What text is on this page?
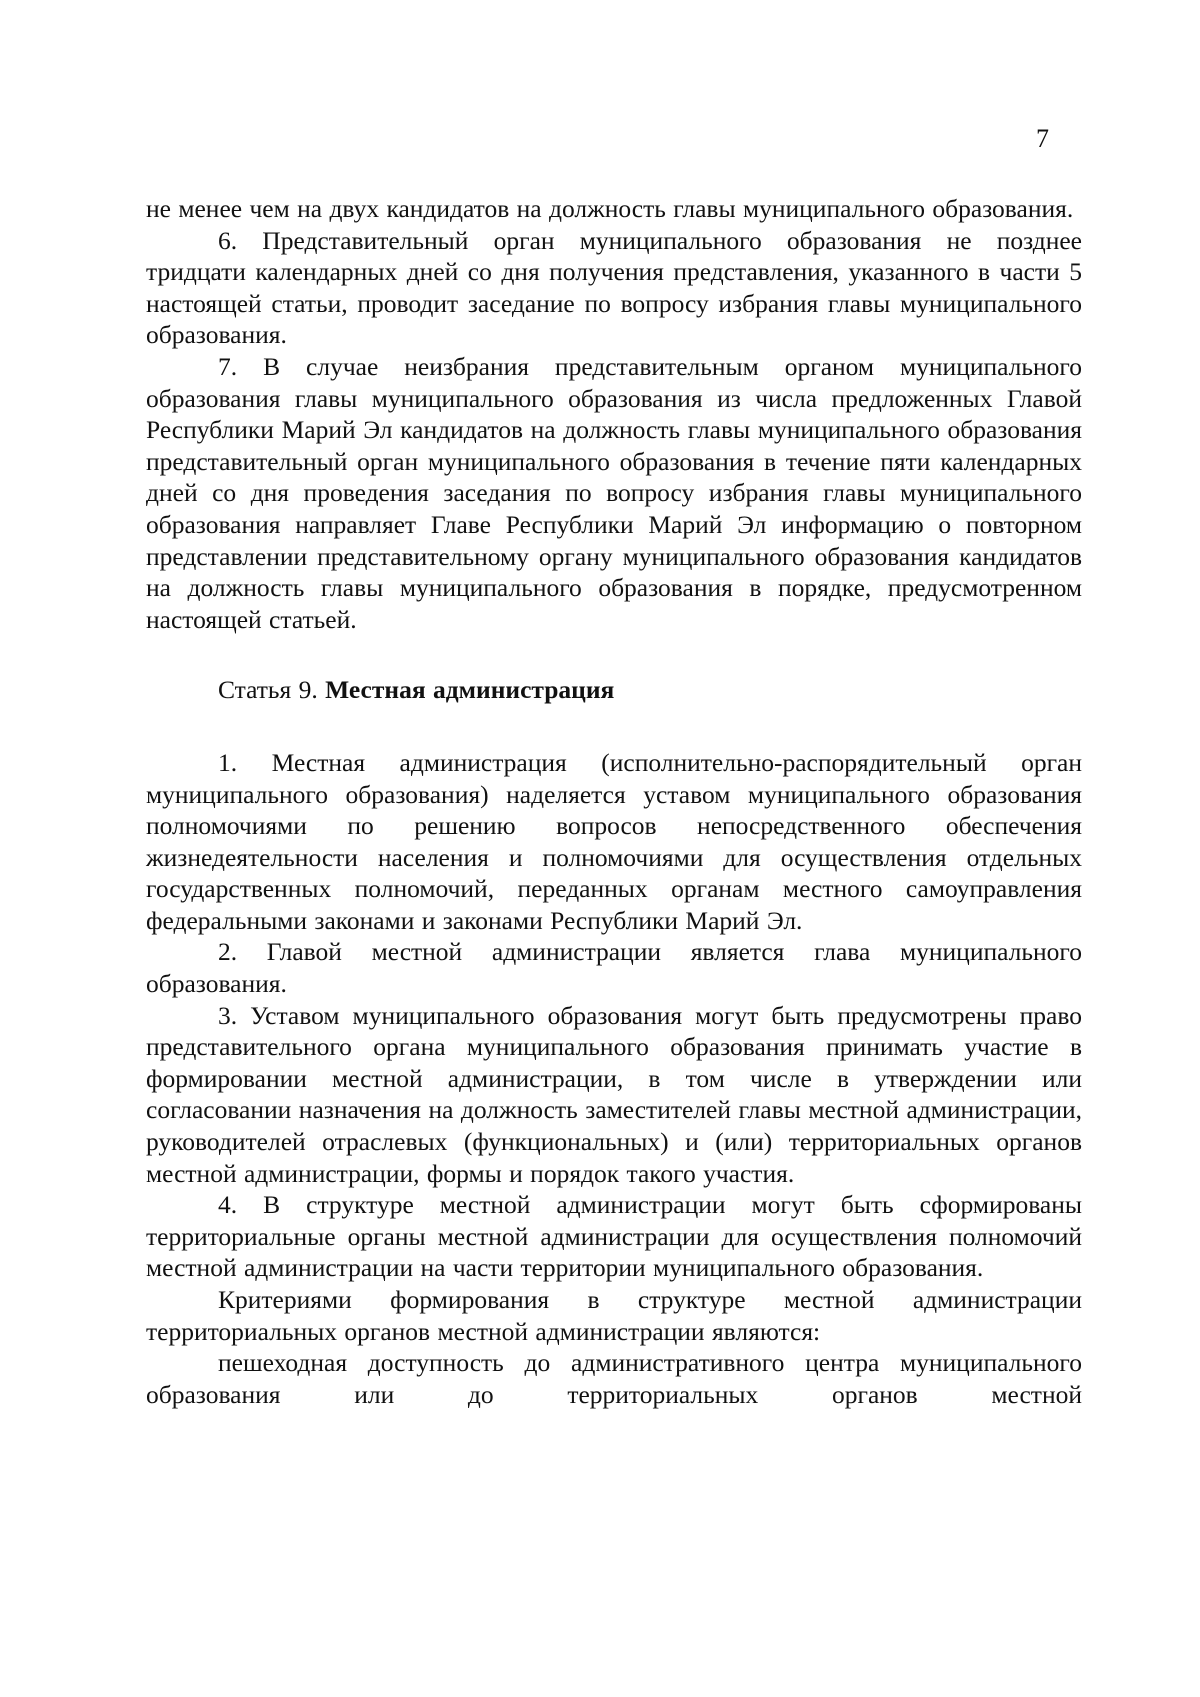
7

не менее чем на двух кандидатов на должность главы муниципального образования.

6. Представительный орган муниципального образования не позднее тридцати календарных дней со дня получения представления, указанного в части 5 настоящей статьи, проводит заседание по вопросу избрания главы муниципального образования.

7. В случае неизбрания представительным органом муниципального образования главы муниципального образования из числа предложенных Главой Республики Марий Эл кандидатов на должность главы муниципального образования представительный орган муниципального образования в течение пяти календарных дней со дня проведения заседания по вопросу избрания главы муниципального образования направляет Главе Республики Марий Эл информацию о повторном представлении представительному органу муниципального образования кандидатов на должность главы муниципального образования в порядке, предусмотренном настоящей статьей.

Статья 9. Местная администрация

1. Местная администрация (исполнительно-распорядительный орган муниципального образования) наделяется уставом муниципального образования полномочиями по решению вопросов непосредственного обеспечения жизнедеятельности населения и полномочиями для осуществления отдельных государственных полномочий, переданных органам местного самоуправления федеральными законами и законами Республики Марий Эл.

2. Главой местной администрации является глава муниципального образования.

3. Уставом муниципального образования могут быть предусмотрены право представительного органа муниципального образования принимать участие в формировании местной администрации, в том числе в утверждении или согласовании назначения на должность заместителей главы местной администрации, руководителей отраслевых (функциональных) и (или) территориальных органов местной администрации, формы и порядок такого участия.

4. В структуре местной администрации могут быть сформированы территориальные органы местной администрации для осуществления полномочий местной администрации на части территории муниципального образования.

Критериями формирования в структуре местной администрации территориальных органов местной администрации являются:

пешеходная доступность до административного центра муниципального образования или до территориальных органов местной
